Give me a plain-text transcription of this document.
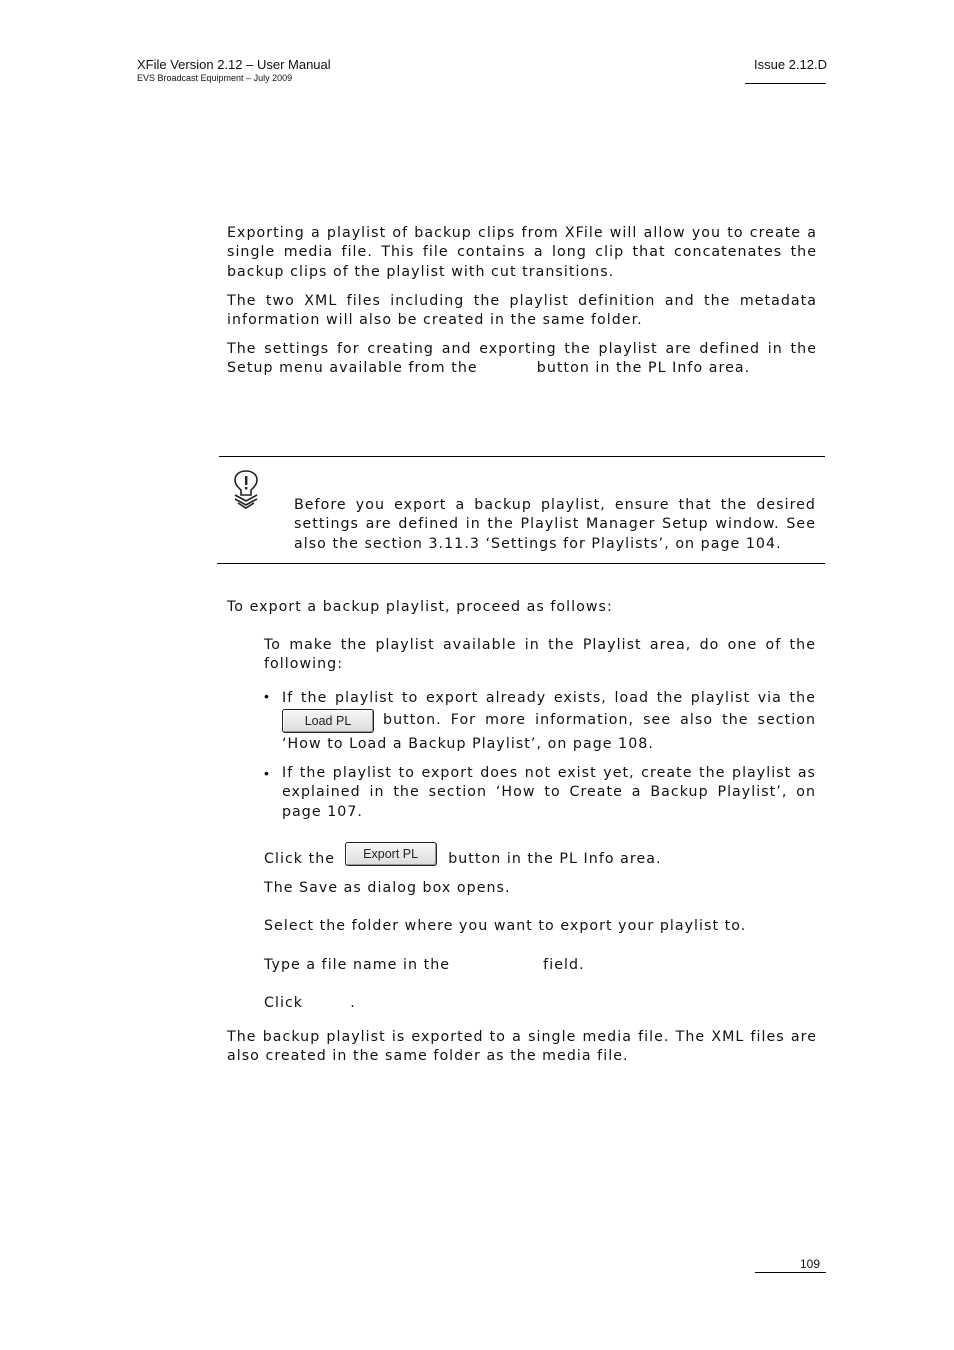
XFile Version 2.12 – User Manual
EVS Broadcast Equipment – July 2009
Issue 2.12.D

Exporting a playlist of backup clips from XFile will allow you to create a single media file. This file contains a long clip that concatenates the backup clips of the playlist with cut transitions.

The two XML files including the playlist definition and the metadata information will also be created in the same folder.

The settings for creating and exporting the playlist are defined in the Setup menu available from the	button in the PL Info area.

Before you export a backup playlist, ensure that the desired settings are defined in the Playlist Manager Setup window. See also the section 3.11.3 ‘Settings for Playlists’, on page 104.

To export a backup playlist, proceed as follows:

To make the playlist available in the Playlist area, do one of the following:

• If the playlist to export already exists, load the playlist via the Load PL button. For more information, see also the section ‘How to Load a Backup Playlist’, on page 108.

• If the playlist to export does not exist yet, create the playlist as explained in the section ‘How to Create a Backup Playlist’, on page 107.

Click the Export PL button in the PL Info area.

The Save as dialog box opens.

Select the folder where you want to export your playlist to.

Type a file name in the	field.

Click	.

The backup playlist is exported to a single media file. The XML files are also created in the same folder as the media file.

109
